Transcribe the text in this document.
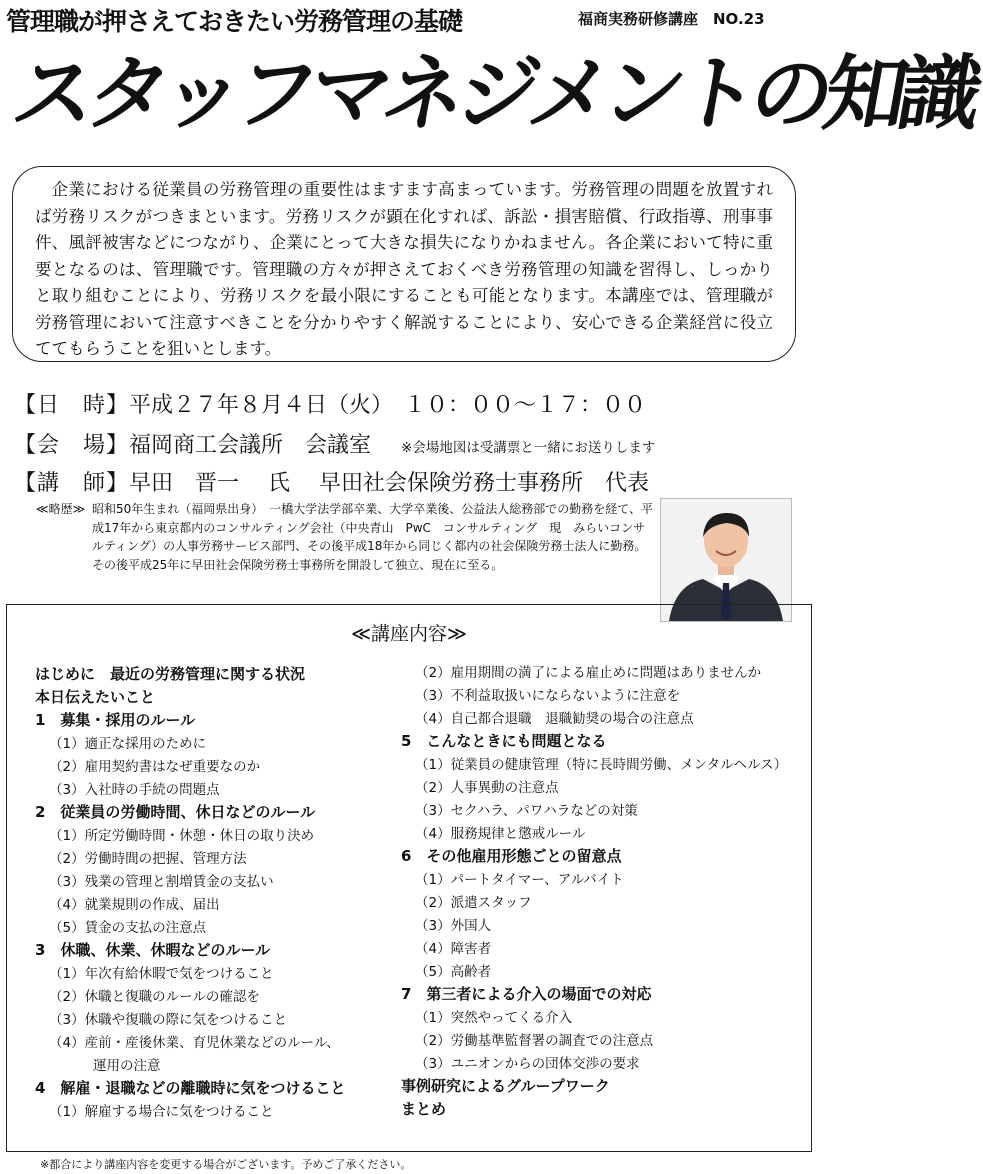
管理職が押さえておきたい労務管理の基礎	福商実務研修講座　NO.23
スタッフマネジメントの知識
企業における従業員の労務管理の重要性はますます高まっています。労務管理の問題を放置すれば労務リスクがつきまといます。労務リスクが顕在化すれば、訴訟・損害賠償、行政指導、刑事事件、風評被害などにつながり、企業にとって大きな損失になりかねません。各企業において特に重要となるのは、管理職です。管理職の方々が押さえておくべき労務管理の知識を習得し、しっかりと取り組むことにより、労務リスクを最小限にすることも可能となります。本講座では、管理職が労務管理において注意すべきことを分かりやすく解説することにより、安心できる企業経営に役立ててもらうことを狙いとします。
【日　時】平成２７年８月４日（火）　１０：００～１７：００
【会　場】福岡商工会議所　会議室 ※会場地図は受講票と一緒にお送りします
【講　師】早田　晋一　 氏　 早田社会保険労務士事務所　代表
≪略歴≫ 昭和50年生まれ（福岡県出身）　一橋大学法学部卒業、大学卒業後、公益法人総務部での勤務を経て、平成17年から東京都内のコンサルティング会社（中央青山　PwC　コンサルティング　現　みらいコンサルティング）の人事労務サービス部門、その後平成18年から同じく都内の社会保険労務士法人に勤務。その後平成25年に早田社会保険労務士事務所を開設して独立、現在に至る。
≪講座内容≫
はじめに　最近の労務管理に関する状況
本日伝えたいこと
1　募集・採用のルール
（1）適正な採用のために
（2）雇用契約書はなぜ重要なのか
（3）入社時の手続の問題点
2　従業員の労働時間、休日などのルール
（1）所定労働時間・休憩・休日の取り決め
（2）労働時間の把握、管理方法
（3）残業の管理と割増賃金の支払い
（4）就業規則の作成、届出
（5）賃金の支払の注意点
3　休職、休業、休暇などのルール
（1）年次有給休暇で気をつけること
（2）休職と復職のルールの確認を
（3）休職や復職の際に気をつけること
（4）産前・産後休業、育児休業などのルール、
運用の注意
4　解雇・退職などの離職時に気をつけること
（1）解雇する場合に気をつけること
（2）雇用期間の満了による雇止めに問題はありませんか
（3）不利益取扱いにならないように注意を
（4）自己都合退職　退職勧奨の場合の注意点
5　こんなときにも問題となる
（1）従業員の健康管理（特に長時間労働、メンタルヘルス）
（2）人事異動の注意点
（3）セクハラ、パワハラなどの対策
（4）服務規律と懲戒ルール
6　その他雇用形態ごとの留意点
（1）パートタイマー、アルバイト
（2）派遣スタッフ
（3）外国人
（4）障害者
（5）高齢者
7　第三者による介入の場面での対応
（1）突然やってくる介入
（2）労働基準監督署の調査での注意点
（3）ユニオンからの団体交渉の要求
事例研究によるグループワーク
まとめ
※都合により講座内容を変更する場合がございます。予めご了承ください。
